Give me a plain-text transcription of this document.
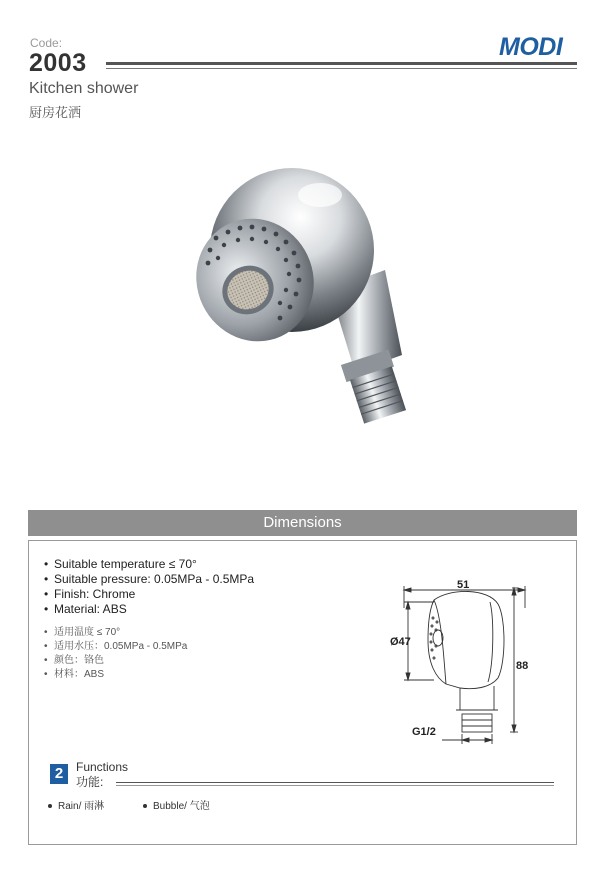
Code:
2003
MODI
Kitchen shower
厨房花洒
Dimensions
• Suitable temperature ≤ 70°
• Suitable pressure: 0.05MPa - 0.5MPa
• Finish: Chrome
• Material: ABS
• 适用温度 ≤ 70°
• 适用水压：0.05MPa - 0.5MPa
• 颜色：铬色
• 材料：ABS
51
Ø47
88
G1/2
2	Functions
功能:
Rain/ 雨淋	Bubble/ 气泡
